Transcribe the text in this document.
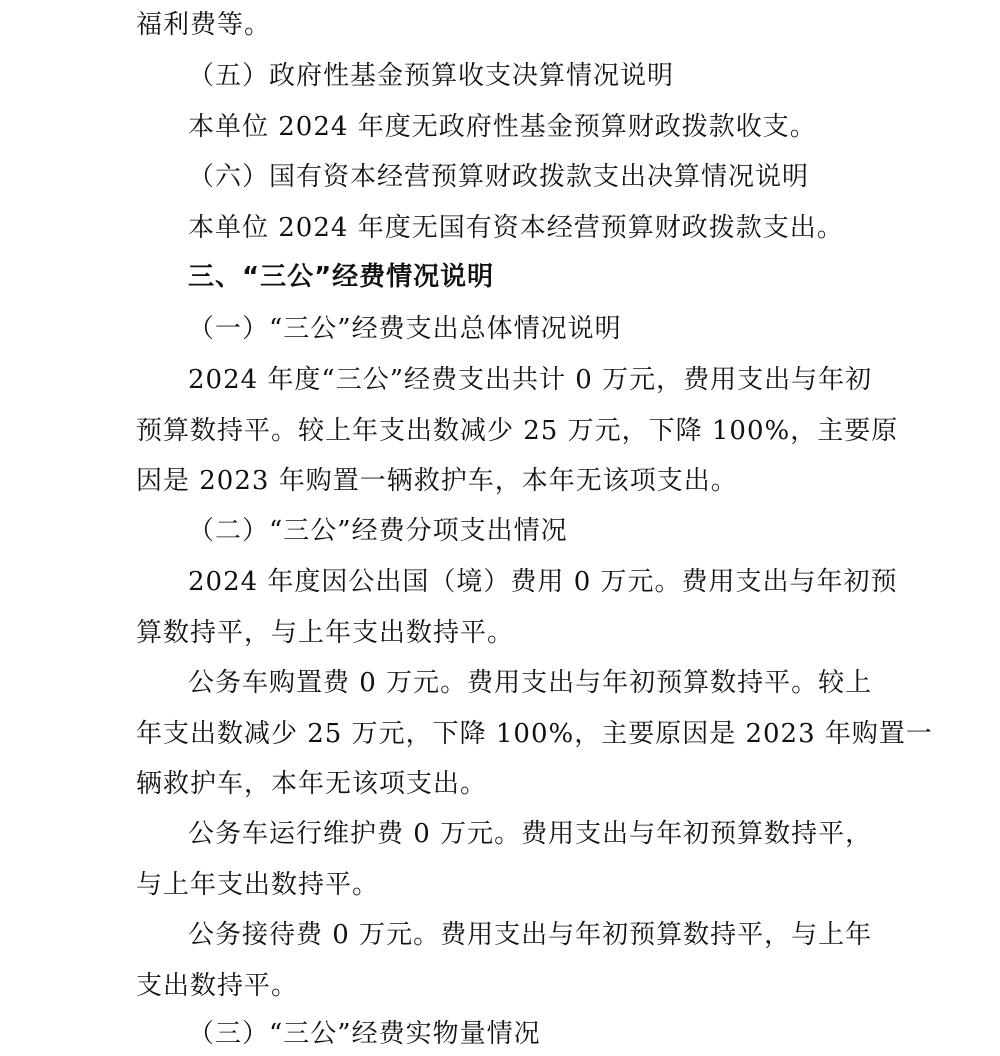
福利费等。
（五）政府性基金预算收支决算情况说明
本单位 2024 年度无政府性基金预算财政拨款收支。
（六）国有资本经营预算财政拨款支出决算情况说明
本单位 2024 年度无国有资本经营预算财政拨款支出。
三、“三公”经费情况说明
（一）“三公”经费支出总体情况说明
2024 年度“三公”经费支出共计 0 万元，费用支出与年初
预算数持平。较上年支出数减少 25 万元，下降 100%，主要原
因是 2023 年购置一辆救护车，本年无该项支出。
（二）“三公”经费分项支出情况
2024 年度因公出国（境）费用 0 万元。费用支出与年初预
算数持平，与上年支出数持平。
公务车购置费 0 万元。费用支出与年初预算数持平。较上
年支出数减少 25 万元，下降 100%，主要原因是 2023 年购置一
辆救护车，本年无该项支出。
公务车运行维护费 0 万元。费用支出与年初预算数持平，
与上年支出数持平。
公务接待费 0 万元。费用支出与年初预算数持平，与上年
支出数持平。
（三）“三公”经费实物量情况
